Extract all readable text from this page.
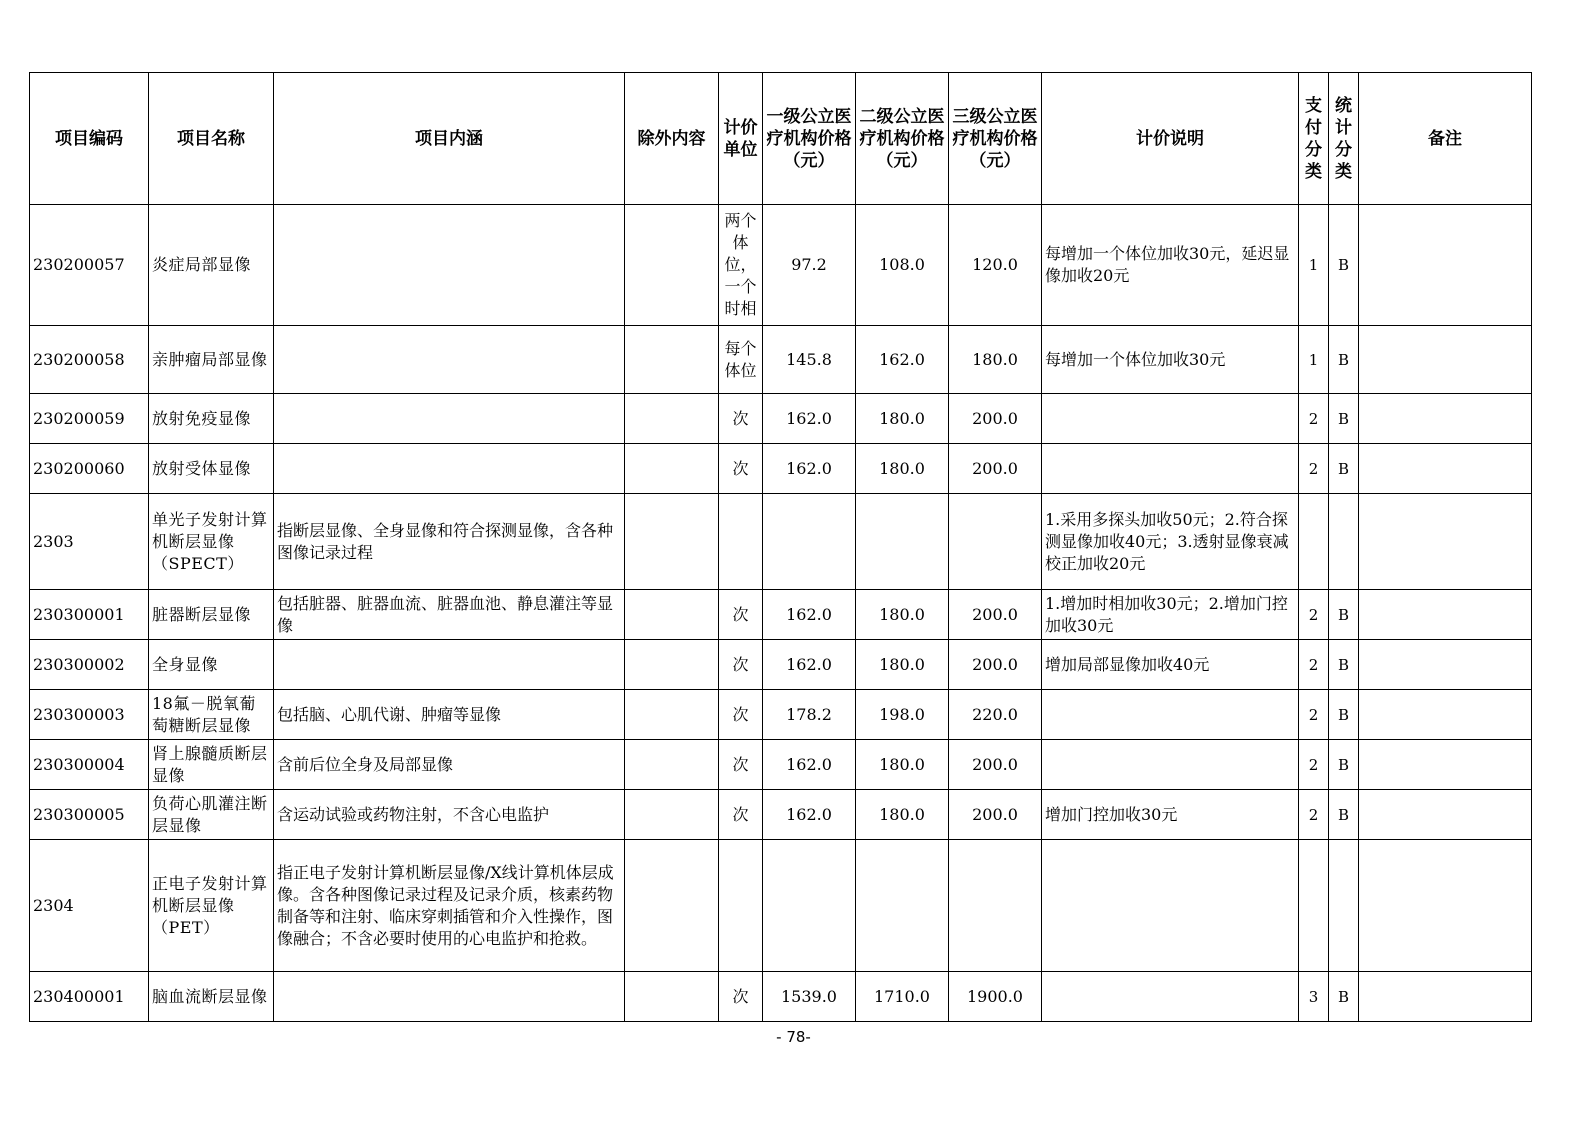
项目编码	项目名称	项目内涵	除外内容	计价单位	一级公立医疗机构价格（元）	二级公立医疗机构价格（元）	三级公立医疗机构价格（元）	计价说明	支付分类	统计分类	备注
230200057	炎症局部显像			两个体位，一个时相	97.2	108.0	120.0	每增加一个体位加收30元，延迟显像加收20元	1	B	
230200058	亲肿瘤局部显像			每个体位	145.8	162.0	180.0	每增加一个体位加收30元	1	B	
230200059	放射免疫显像			次	162.0	180.0	200.0		2	B	
230200060	放射受体显像			次	162.0	180.0	200.0		2	B	
2303	单光子发射计算机断层显像（SPECT）	指断层显像、全身显像和符合探测显像，含各种图像记录过程						1.采用多探头加收50元；2.符合探测显像加收40元；3.透射显像衰减校正加收20元			
230300001	脏器断层显像	包括脏器、脏器血流、脏器血池、静息灌注等显像		次	162.0	180.0	200.0	1.增加时相加收30元；2.增加门控加收30元	2	B	
230300002	全身显像			次	162.0	180.0	200.0	增加局部显像加收40元	2	B	
230300003	18氟－脱氧葡萄糖断层显像	包括脑、心肌代谢、肿瘤等显像		次	178.2	198.0	220.0		2	B	
230300004	肾上腺髓质断层显像	含前后位全身及局部显像		次	162.0	180.0	200.0		2	B	
230300005	负荷心肌灌注断层显像	含运动试验或药物注射，不含心电监护		次	162.0	180.0	200.0	增加门控加收30元	2	B	
2304	正电子发射计算机断层显像（PET）	指正电子发射计算机断层显像/X线计算机体层成像。含各种图像记录过程及记录介质，核素药物制备等和注射、临床穿刺插管和介入性操作，图像融合；不含必要时使用的心电监护和抢救。									
230400001	脑血流断层显像			次	1539.0	1710.0	1900.0		3	B	
- 78-
